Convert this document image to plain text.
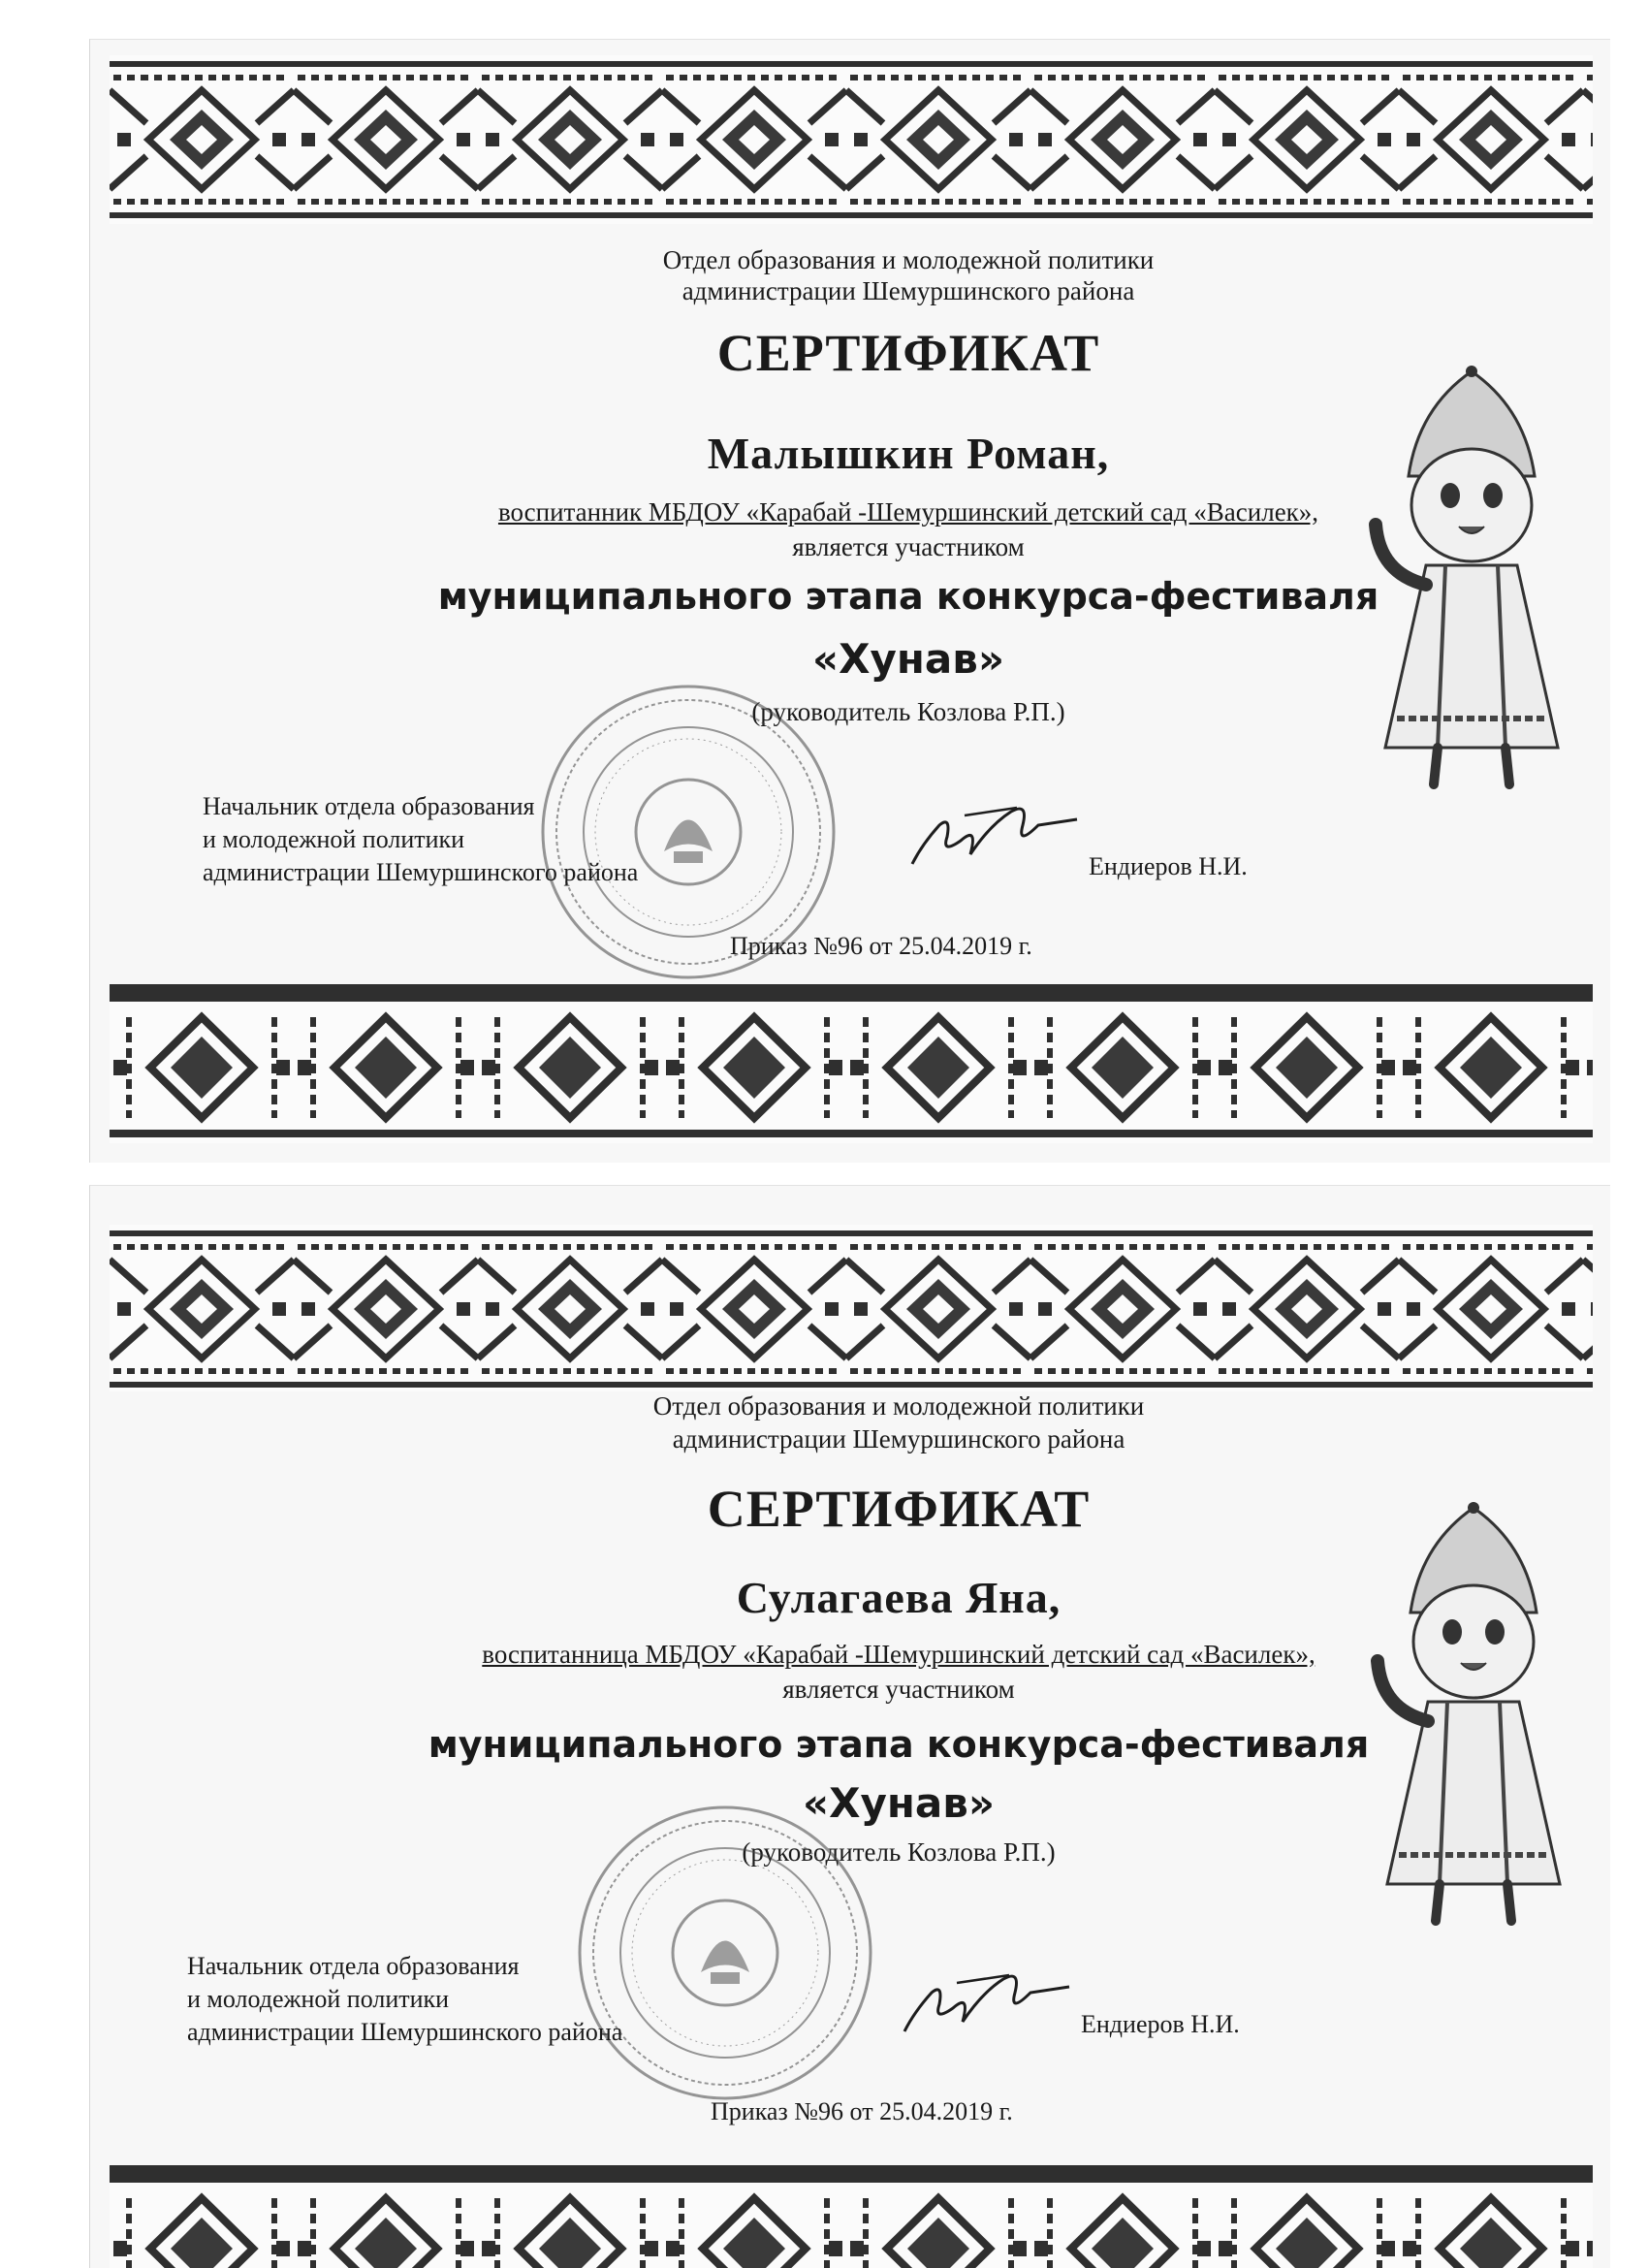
Отдел образования и молодежной политики
администрации Шемуршинского района
СЕРТИФИКАТ
Малышкин Роман,
воспитанник МБДОУ «Карабай -Шемуршинский детский сад «Василек»,
является участником
муниципального этапа конкурса-фестиваля
«Хунав»
(руководитель Козлова Р.П.)
Начальник отдела образования
и молодежной политики
администрации Шемуршинского района	Ендиеров Н.И.
Приказ №96 от 25.04.2019 г.
Отдел образования и молодежной политики
администрации Шемуршинского района
СЕРТИФИКАТ
Сулагаева Яна,
воспитанница МБДОУ «Карабай -Шемуршинский детский сад «Василек»,
является участником
муниципального этапа конкурса-фестиваля
«Хунав»
(руководитель Козлова Р.П.)
Начальник отдела образования
и молодежной политики
администрации Шемуршинского района	Ендиеров Н.И.
Приказ №96 от 25.04.2019 г.
